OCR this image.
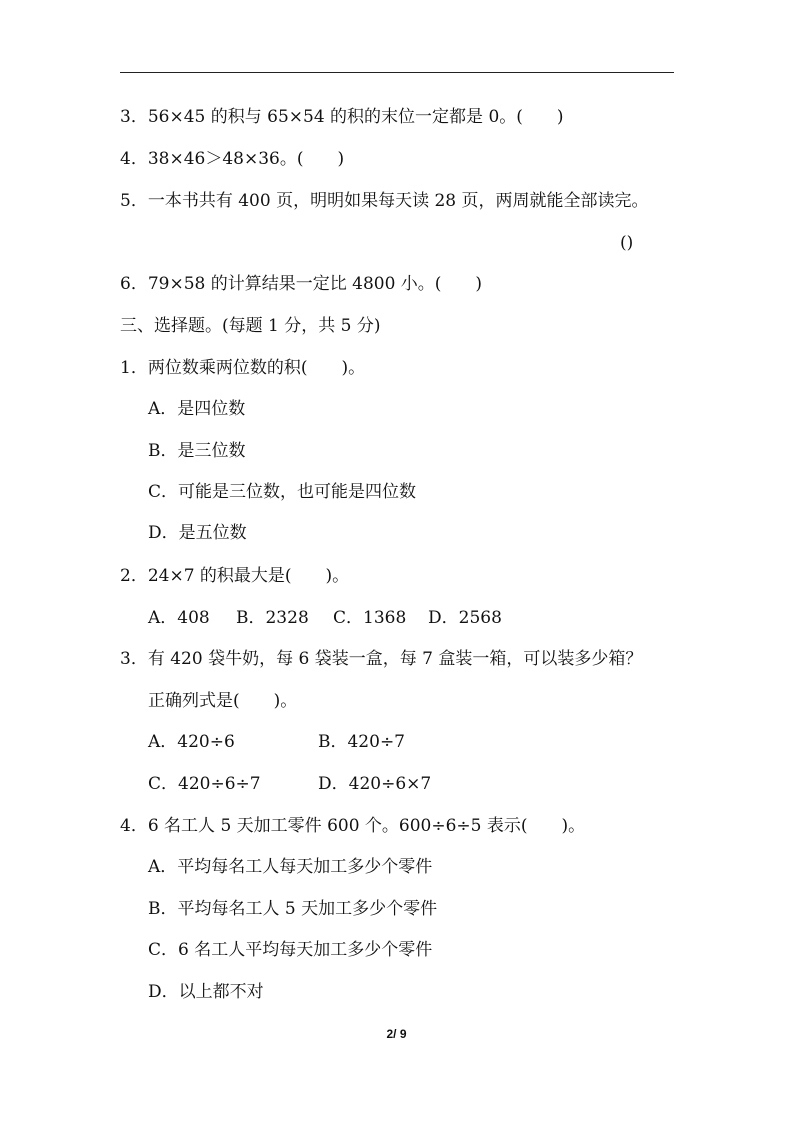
3．56×45 的积与 65×54 的积的末位一定都是 0。(　　)
4．38×46＞48×36。(　　)
5．一本书共有 400 页，明明如果每天读 28 页，两周就能全部读完。
()
6．79×58 的计算结果一定比 4800 小。(　　)
三、选择题。(每题 1 分，共 5 分)
1．两位数乘两位数的积(　　)。
A．是四位数
B．是三位数
C．可能是三位数，也可能是四位数
D．是五位数
2．24×7 的积最大是(　　)。
A．408 B．2328 C．1368 D．2568
3．有 420 袋牛奶，每 6 袋装一盒，每 7 盒装一箱，可以装多少箱？
正确列式是(　　)。
A．420÷6	B．420÷7
C．420÷6÷7	D．420÷6×7
4．6 名工人 5 天加工零件 600 个。600÷6÷5 表示(　　)。
A．平均每名工人每天加工多少个零件
B．平均每名工人 5 天加工多少个零件
C．6 名工人平均每天加工多少个零件
D．以上都不对
2/ 9
